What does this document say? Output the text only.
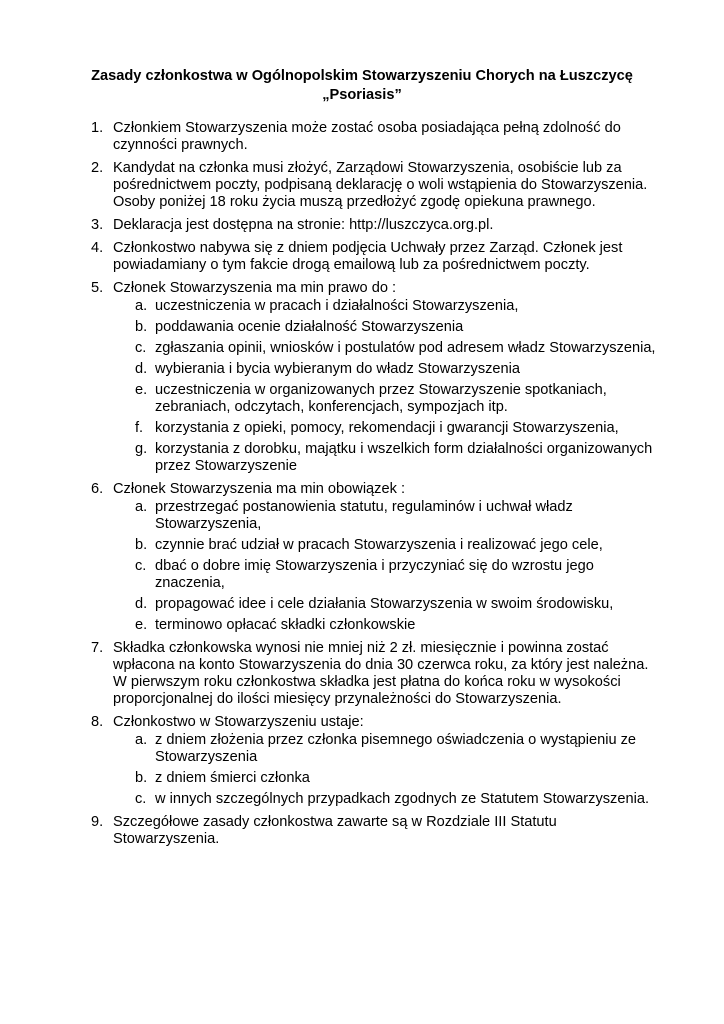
Zasady członkostwa w Ogólnopolskim Stowarzyszeniu Chorych na Łuszczycę
„Psoriasis”
1. Członkiem Stowarzyszenia może zostać osoba posiadająca pełną zdolność do czynności prawnych.
2. Kandydat na członka musi złożyć, Zarządowi Stowarzyszenia, osobiście lub za pośrednictwem poczty, podpisaną deklarację o woli wstąpienia do Stowarzyszenia. Osoby poniżej 18 roku życia muszą przedłożyć zgodę opiekuna prawnego.
3. Deklaracja jest dostępna na stronie: http://luszczyca.org.pl.
4. Członkostwo nabywa się z dniem podjęcia Uchwały przez Zarząd. Członek jest powiadamiany o tym fakcie drogą emailową lub za pośrednictwem poczty.
5. Członek Stowarzyszenia ma min prawo do :
a. uczestniczenia w pracach i działalności Stowarzyszenia,
b. poddawania ocenie działalność Stowarzyszenia
c. zgłaszania opinii, wniosków i postulatów pod adresem władz Stowarzyszenia,
d. wybierania i bycia wybieranym do władz Stowarzyszenia
e. uczestniczenia w organizowanych przez Stowarzyszenie spotkaniach, zebraniach, odczytach, konferencjach, sympozjach itp.
f. korzystania z opieki, pomocy, rekomendacji i gwarancji Stowarzyszenia,
g. korzystania z dorobku, majątku i wszelkich form działalności organizowanych przez Stowarzyszenie
6. Członek Stowarzyszenia ma min obowiązek :
a. przestrzegać postanowienia statutu, regulaminów i uchwał władz Stowarzyszenia,
b. czynnie brać udział w pracach Stowarzyszenia i realizować jego cele,
c. dbać o dobre imię Stowarzyszenia i przyczyniać się do wzrostu jego znaczenia,
d. propagować idee i cele działania Stowarzyszenia w swoim środowisku,
e. terminowo opłacać składki członkowskie
7. Składka członkowska wynosi nie mniej niż 2 zł. miesięcznie i powinna zostać wpłacona na konto Stowarzyszenia do dnia 30 czerwca roku, za który jest należna. W pierwszym roku członkostwa składka jest płatna do końca roku w wysokości proporcjonalnej do ilości miesięcy przynależności do Stowarzyszenia.
8. Członkostwo w Stowarzyszeniu ustaje:
a. z dniem złożenia przez członka pisemnego oświadczenia o wystąpieniu ze Stowarzyszenia
b. z dniem śmierci członka
c. w innych szczególnych przypadkach zgodnych ze Statutem Stowarzyszenia.
9. Szczegółowe zasady członkostwa zawarte są w Rozdziale III Statutu Stowarzyszenia.
